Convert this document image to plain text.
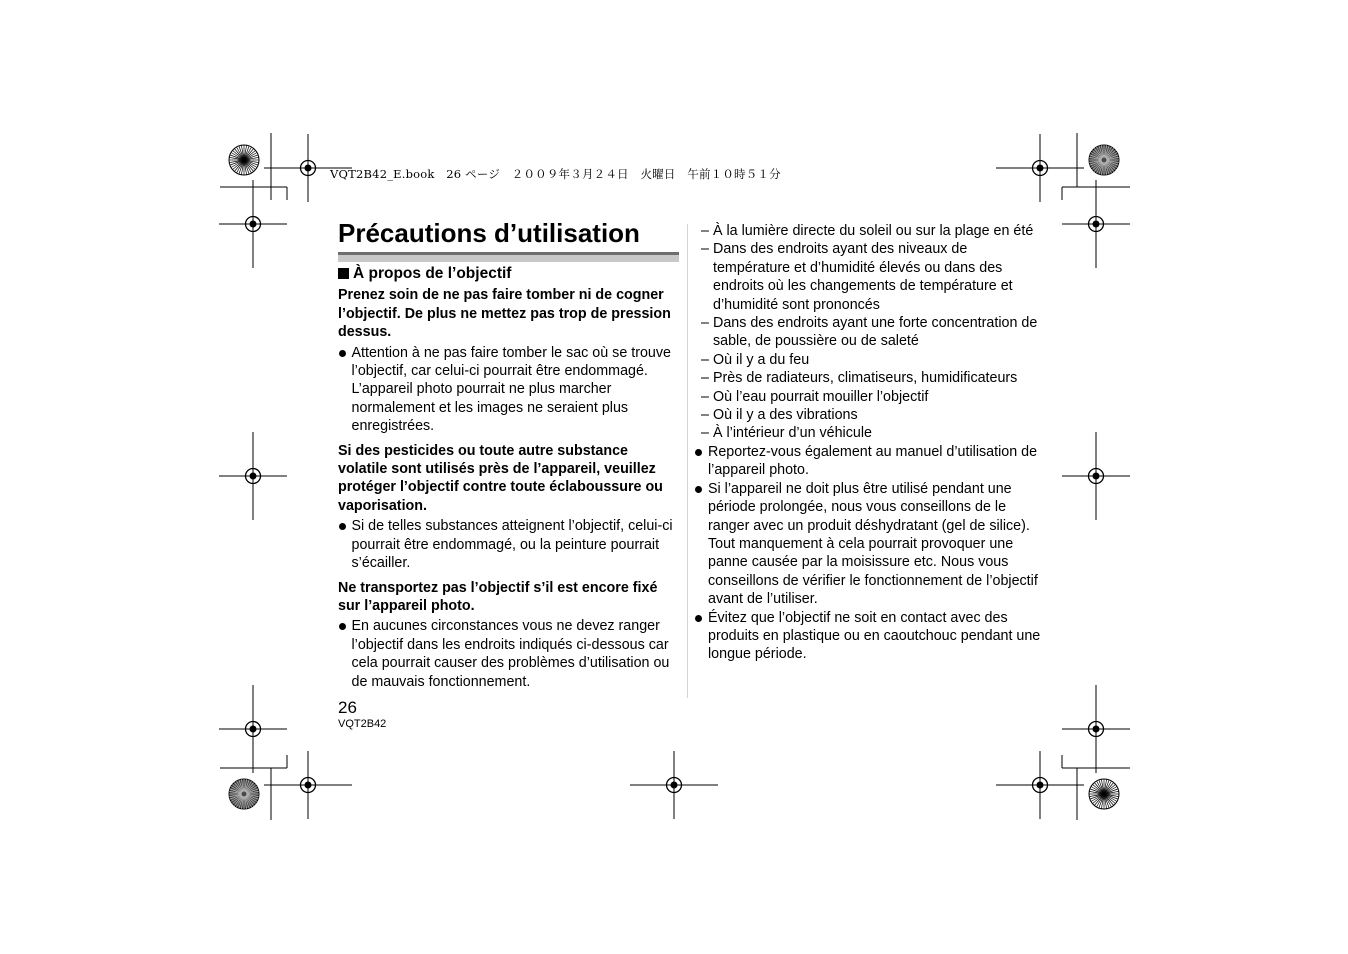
VQT2B42_E.book　26 ページ　２００９年３月２４日　火曜日　午前１０時５１分
Précautions d’utilisation
À propos de l’objectif

Prenez soin de ne pas faire tomber ni de cogner l’objectif. De plus ne mettez pas trop de pression dessus.

Attention à ne pas faire tomber le sac où se trouve l’objectif, car celui-ci pourrait être endommagé. L’appareil photo pourrait ne plus marcher normalement et les images ne seraient plus enregistrées.

Si des pesticides ou toute autre substance volatile sont utilisés près de l’appareil, veuillez protéger l’objectif contre toute éclaboussure ou vaporisation.

Si de telles substances atteignent l’objectif, celui-ci pourrait être endommagé, ou la peinture pourrait s’écailler.

Ne transportez pas l’objectif s’il est encore fixé sur l’appareil photo.

En aucunes circonstances vous ne devez ranger l’objectif dans les endroits indiqués ci-dessous car cela pourrait causer des problèmes d’utilisation ou de mauvais fonctionnement.

– À la lumière directe du soleil ou sur la plage en été

– Dans des endroits ayant des niveaux de température et d’humidité élevés ou dans des endroits où les changements de température et d’humidité sont prononcés

– Dans des endroits ayant une forte concentration de sable, de poussière ou de saleté

– Où il y a du feu

– Près de radiateurs, climatiseurs, humidificateurs

– Où l’eau pourrait mouiller l’objectif

– Où il y a des vibrations

– À l’intérieur d’un véhicule

Reportez-vous également au manuel d’utilisation de l’appareil photo.

Si l’appareil ne doit plus être utilisé pendant une période prolongée, nous vous conseillons de le ranger avec un produit déshydratant (gel de silice). Tout manquement à cela pourrait provoquer une panne causée par la moisissure etc. Nous vous conseillons de vérifier le fonctionnement de l’objectif avant de l’utiliser.

Évitez que l’objectif ne soit en contact avec des produits en plastique ou en caoutchouc pendant une longue période.

26
VQT2B42
